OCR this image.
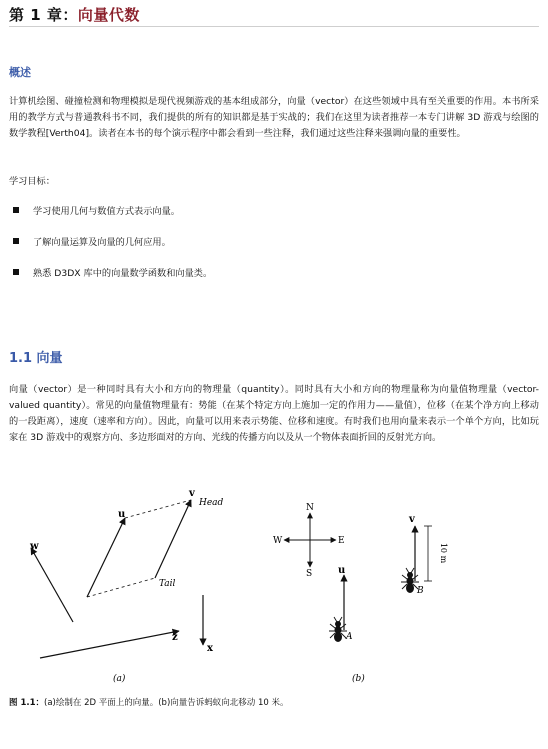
第 1 章：向量代数
概述
计算机绘图、碰撞检测和物理模拟是现代视频游戏的基本组成部分，向量（vector）在这些领域中具有至关重要的作用。本书所采用的教学方式与普通教科书不同，我们提供的所有的知识都是基于实战的；我们在这里为读者推荐一本专门讲解 3D 游戏与绘图的数学教程[Verth04]。读者在本书的每个演示程序中都会看到一些注释，我们通过这些注释来强调向量的重要性。
学习目标：
学习使用几何与数值方式表示向量。
了解向量运算及向量的几何应用。
熟悉 D3DX 库中的向量数学函数和向量类。
1.1 向量
向量（vector）是一种同时具有大小和方向的物理量（quantity）。同时具有大小和方向的物理量称为向量值物理量（vector-valued quantity）。常见的向量值物理量有：势能（在某个特定方向上施加一定的作用力——量值），位移（在某个净方向上移动的一段距离），速度（速率和方向）。因此，向量可以用来表示势能、位移和速度。有时我们也用向量来表示一个单个方向，比如玩家在 3D 游戏中的观察方向、多边形面对的方向、光线的传播方向以及从一个物体表面折回的反射光方向。
w
u
v
Head
Tail
z
x
(a)
N
S
E
W
u
v
10 m
A
B
(b)
图 1.1：(a)绘制在 2D 平面上的向量。(b)向量告诉蚂蚁向北移动 10 米。
